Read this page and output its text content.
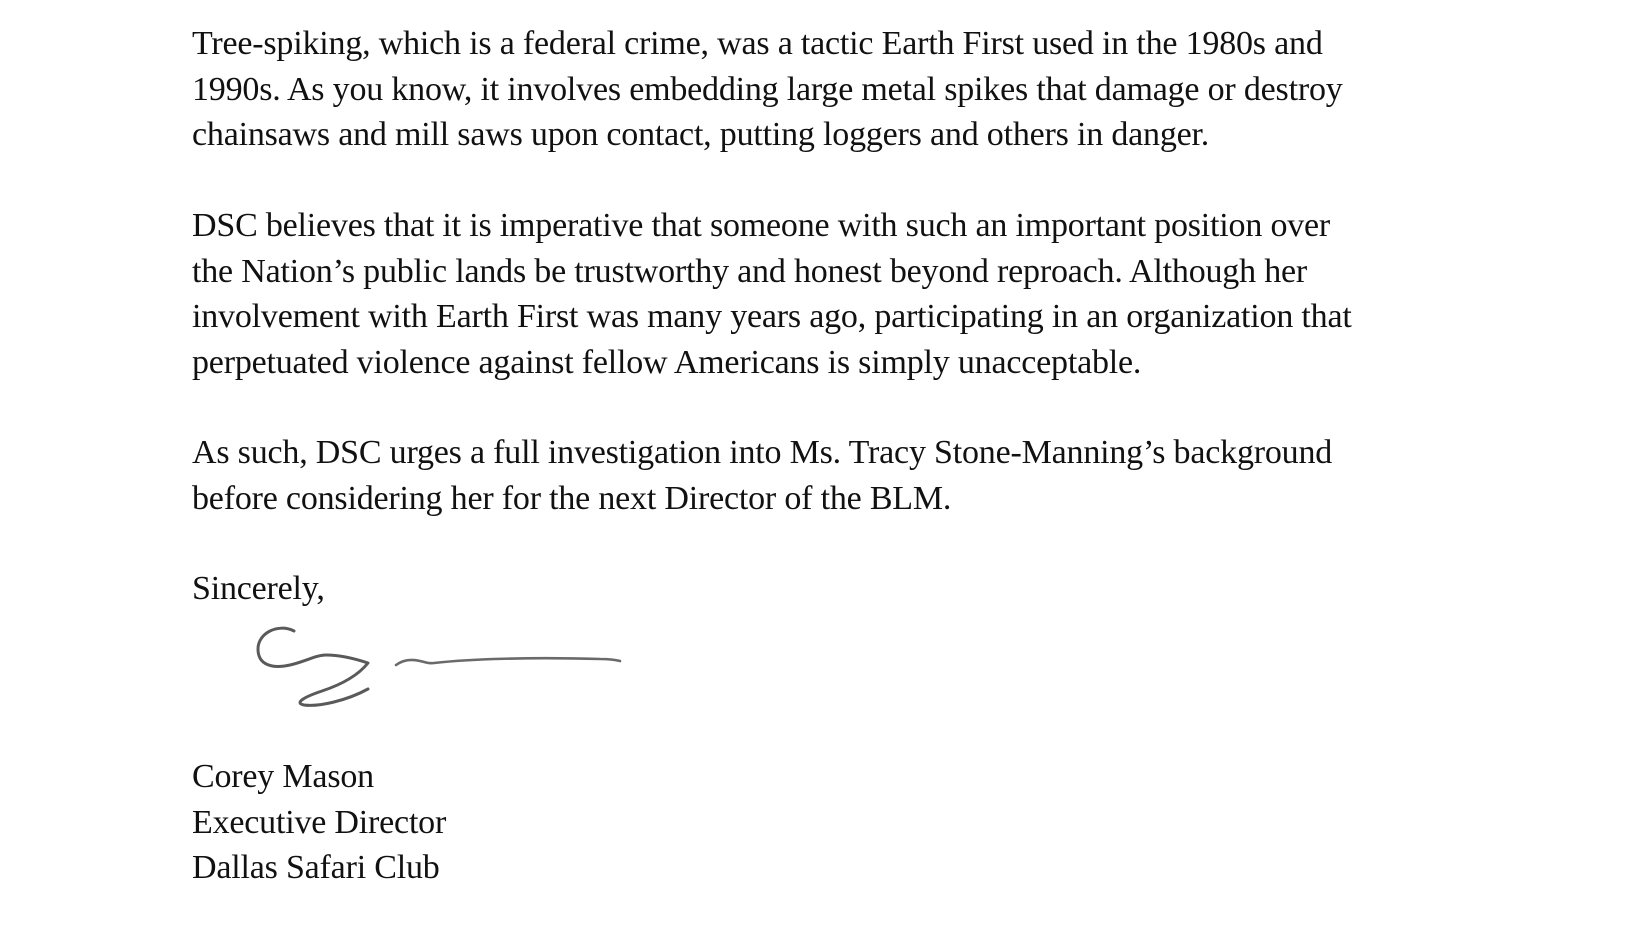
Tree-spiking, which is a federal crime, was a tactic Earth First used in the 1980s and
1990s. As you know, it involves embedding large metal spikes that damage or destroy
chainsaws and mill saws upon contact, putting loggers and others in danger.
DSC believes that it is imperative that someone with such an important position over
the Nation’s public lands be trustworthy and honest beyond reproach. Although her
involvement with Earth First was many years ago, participating in an organization that
perpetuated violence against fellow Americans is simply unacceptable.
As such, DSC urges a full investigation into Ms. Tracy Stone-Manning’s background
before considering her for the next Director of the BLM.
Sincerely,
Corey Mason
Executive Director
Dallas Safari Club
